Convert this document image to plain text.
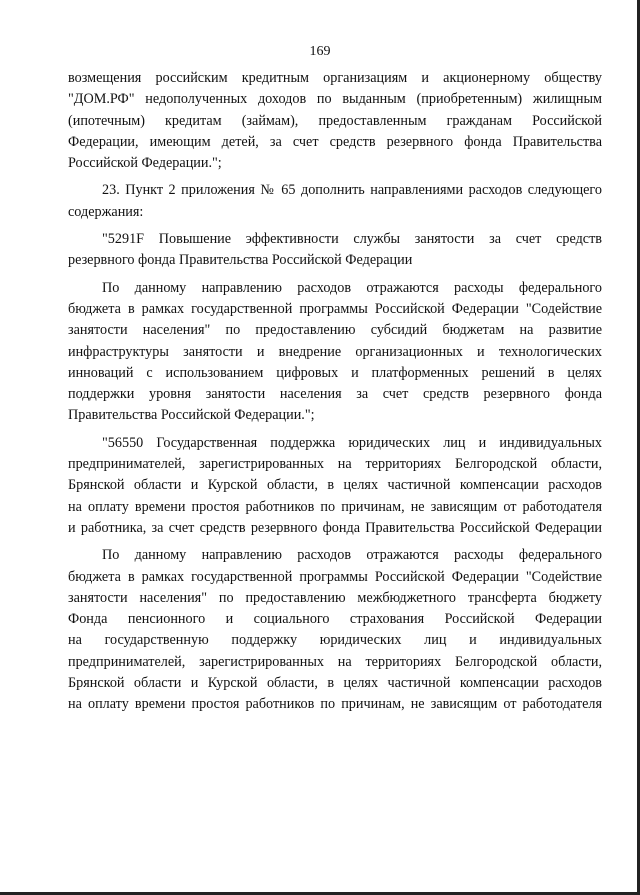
169
возмещения российским кредитным организациям и акционерному обществу
"ДОМ.РФ" недополученных доходов по выданным (приобретенным) жилищным
(ипотечным) кредитам (займам), предоставленным гражданам Российской
Федерации, имеющим детей, за счет средств резервного фонда Правительства
Российской Федерации.";
23. Пункт 2 приложения № 65 дополнить направлениями расходов следующего
содержания:
"5291F Повышение эффективности службы занятости за счет средств
резервного фонда Правительства Российской Федерации
По данному направлению расходов отражаются расходы федерального
бюджета в рамках государственной программы Российской Федерации "Содействие
занятости населения" по предоставлению субсидий бюджетам на развитие
инфраструктуры занятости и внедрение организационных и технологических
инноваций с использованием цифровых и платформенных решений в целях
поддержки уровня занятости населения за счет средств резервного фонда
Правительства Российской Федерации.";
"56550 Государственная поддержка юридических лиц и индивидуальных
предпринимателей, зарегистрированных на территориях Белгородской области,
Брянской области и Курской области, в целях частичной компенсации расходов
на оплату времени простоя работников по причинам, не зависящим от работодателя
и работника, за счет средств резервного фонда Правительства Российской Федерации
По данному направлению расходов отражаются расходы федерального
бюджета в рамках государственной программы Российской Федерации "Содействие
занятости населения" по предоставлению межбюджетного трансферта бюджету
Фонда пенсионного и социального страхования Российской Федерации
на государственную поддержку юридических лиц и индивидуальных
предпринимателей, зарегистрированных на территориях Белгородской области,
Брянской области и Курской области, в целях частичной компенсации расходов
на оплату времени простоя работников по причинам, не зависящим от работодателя
